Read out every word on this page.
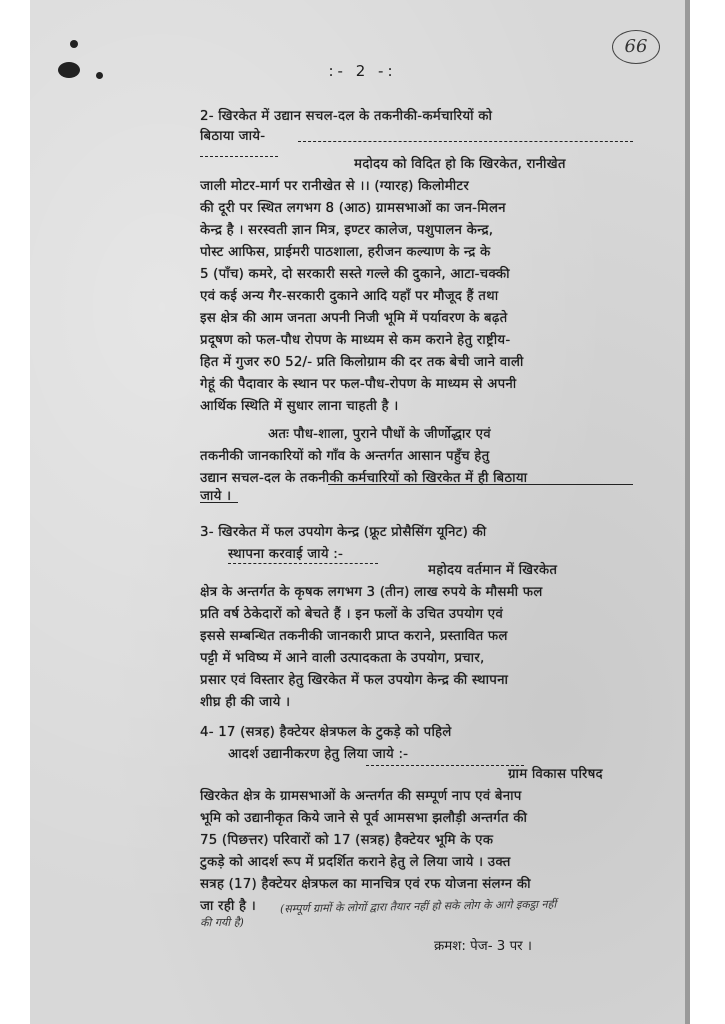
66
:- 2 -:
2- खिरकेत में उद्यान सचल-दल के तकनीकी-कर्मचारियों को
बिठाया जाये-
मदोदय को विदित हो कि खिरकेत, रानीखेत
जाली मोटर-मार्ग पर रानीखेत से ।। (ग्यारह) किलोमीटर
की दूरी पर स्थित लगभग 8 (आठ) ग्रामसभाओं का जन-मिलन
केन्द्र है । सरस्वती ज्ञान मित्र, इण्टर कालेज, पशुपालन केन्द्र,
पोस्ट आफिस, प्राईमरी पाठशाला, हरीजन कल्याण के न्द्र के
5 (पाँच) कमरे, दो सरकारी सस्ते गल्ले की दुकाने, आटा-चक्की
एवं कई अन्य गैर-सरकारी दुकाने आदि यहाँ पर मौजूद हैं तथा
इस क्षेत्र की आम जनता अपनी निजी भूमि में पर्यावरण के बढ़ते
प्रदूषण को फल-पौध रोपण के माध्यम से कम कराने हेतु राष्ट्रीय-
हित में गुजर रु0 52/- प्रति किलोग्राम की दर तक बेची जाने वाली
गेहूं की पैदावार के स्थान पर फल-पौध-रोपण के माध्यम से अपनी
आर्थिक स्थिति में सुधार लाना चाहती है ।
अतः पौध-शाला, पुराने पौधों के जीर्णोद्धार एवं
तकनीकी जानकारियों को गाँव के अन्तर्गत आसान पहुँच हेतु
उद्यान सचल-दल के तकनीकी कर्मचारियों को खिरकेत में ही बिठाया
जाये ।
3- खिरकेत में फल उपयोग केन्द्र (फ्रूट प्रोसैसिंग यूनिट) की
स्थापना करवाई जाये :-
महोदय वर्तमान में खिरकेत
क्षेत्र के अन्तर्गत के कृषक लगभग 3 (तीन) लाख रुपये के मौसमी फल
प्रति वर्ष ठेकेदारों को बेचते हैं । इन फलों के उचित उपयोग एवं
इससे सम्बन्धित तकनीकी जानकारी प्राप्त कराने, प्रस्तावित फल
पट्टी में भविष्य में आने वाली उत्पादकता के उपयोग, प्रचार,
प्रसार एवं विस्तार हेतु खिरकेत में फल उपयोग केन्द्र की स्थापना
शीघ्र ही की जाये ।
4- 17 (सत्रह) हैक्टेयर क्षेत्रफल के टुकड़े को पहिले
आदर्श उद्यानीकरण हेतु लिया जाये :-
ग्राम विकास परिषद
खिरकेत क्षेत्र के ग्रामसभाओं के अन्तर्गत की सम्पूर्ण नाप एवं बेनाप
भूमि को उद्यानीकृत किये जाने से पूर्व आमसभा झलौड़ी अन्तर्गत की
75 (पिछत्तर) परिवारों को 17 (सत्रह) हैक्टेयर भूमि के एक
टुकड़े को आदर्श रूप में प्रदर्शित कराने हेतु ले लिया जाये । उक्त
सत्रह (17) हैक्टेयर क्षेत्रफल का मानचित्र एवं रफ योजना संलग्न की
जा रही है । (सम्पूर्ण ग्रामों के लोगों द्वारा तैयार नहीं हो सके लोग के आगे इकट्ठा नहीं
की गयी है)
क्रमश: पेज- 3 पर ।
